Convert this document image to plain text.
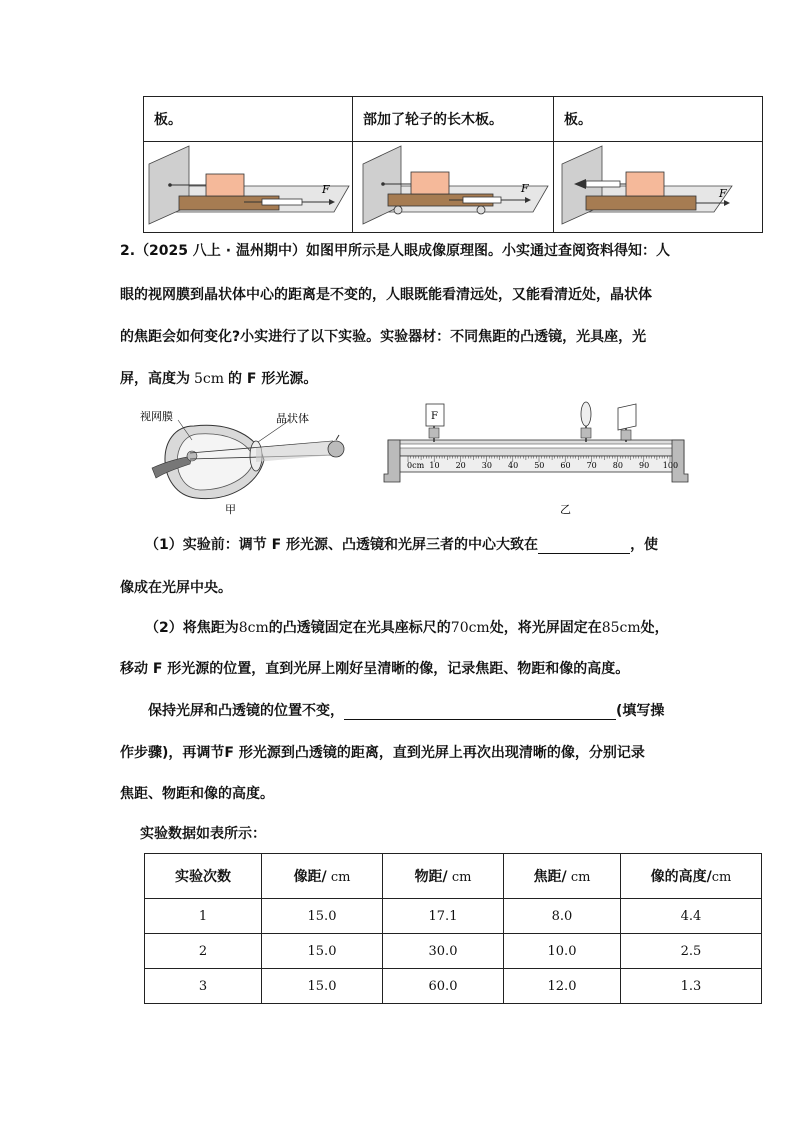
板。	部加了轮子的长木板。	板。

F	F	F
2.（2025 八上 · 温州期中）如图甲所示是人眼成像原理图。小实通过查阅资料得知：人
眼的视网膜到晶状体中心的距离是不变的，人眼既能看清远处，又能看清近处，晶状体
的焦距会如何变化?小实进行了以下实验。实验器材：不同焦距的凸透镜，光具座，光
屏，高度为 5cm 的 F 形光源。
视网膜	晶状体
甲
0cm 10 20 30 40 50 60 70 80 90 100
F
乙
（1）实验前：调节 F 形光源、凸透镜和光屏三者的中心大致在	，使
像成在光屏中央。
（2）将焦距为8cm的凸透镜固定在光具座标尺的70cm处，将光屏固定在85cm处，
移动 F 形光源的位置，直到光屏上刚好呈清晰的像，记录焦距、物距和像的高度。
保持光屏和凸透镜的位置不变，	(填写操
作步骤)，再调节F 形光源到凸透镜的距离，直到光屏上再次出现清晰的像，分别记录
焦距、物距和像的高度。
实验数据如表所示：
实验次数	像距/ cm	物距/ cm	焦距/ cm	像的高度/cm
1	15.0	17.1	8.0	4.4
2	15.0	30.0	10.0	2.5
3	15.0	60.0	12.0	1.3
